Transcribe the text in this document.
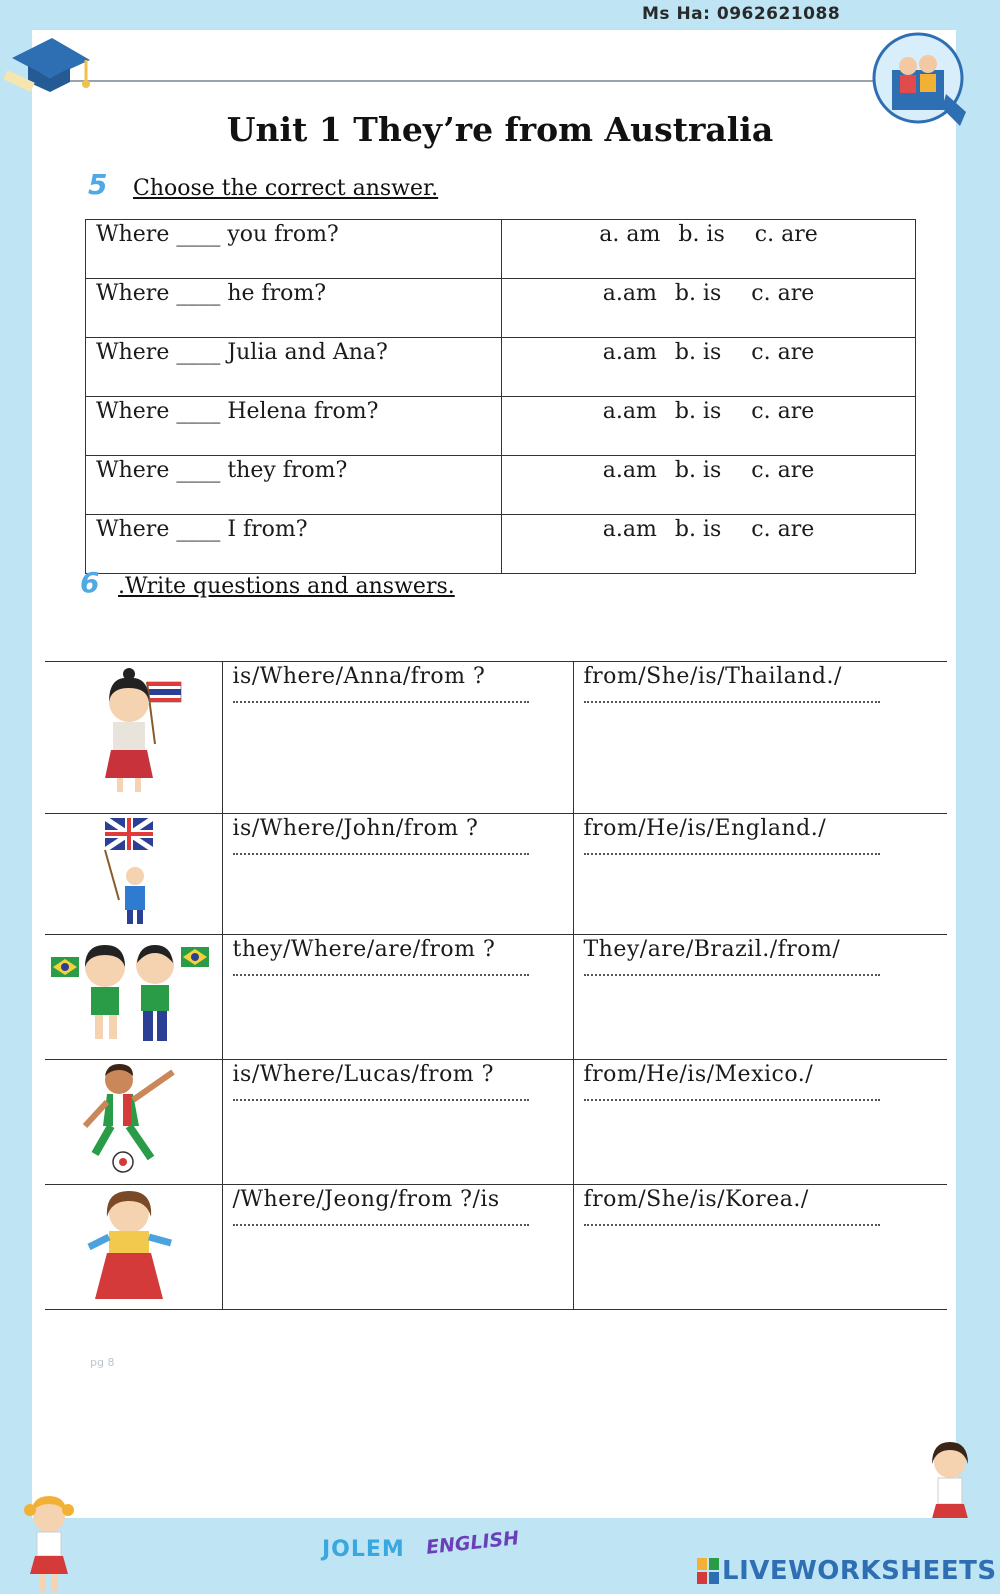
Ms Ha: 0962621088
Unit 1 They’re from Australia
5 Choose the correct answer.
Where ____ you from?	a. am b. is c. are
Where ____ he from?	a.am b. is c. are
Where ____ Julia and Ana?	a.am b. is c. are
Where ____ Helena from?	a.am b. is c. are
Where ____ they from?	a.am b. is c. are
Where ____ I from?	a.am b. is c. are
6 .Write questions and answers.

is/Where/Anna/from ?	from/She/is/Thailand./

is/Where/John/from ?	from/He/is/England./

they/Where/are/from ?	They/are/Brazil./from/

is/Where/Lucas/from ?	from/He/is/Mexico./

/Where/Jeong/from ?/is	from/She/is/Korea./
pg 8
JOLEM ENGLISH
LIVEWORKSHEETS
